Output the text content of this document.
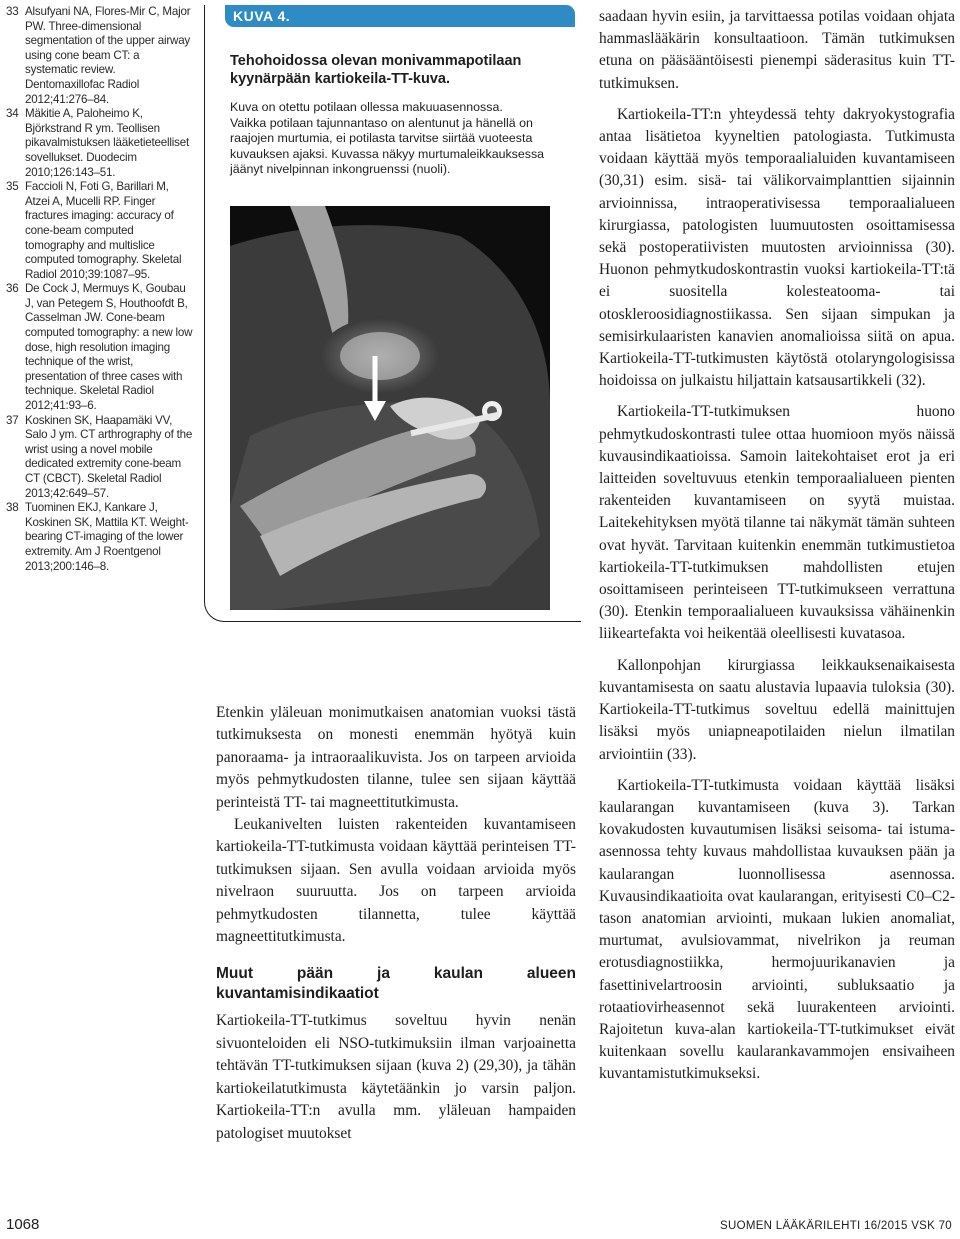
33 Alsufyani NA, Flores-Mir C, Major PW. Three-dimensional segmentation of the upper airway using cone beam CT: a systematic review. Dentomaxillofac Radiol 2012;41:276–84.
34 Mäkitie A, Paloheimo K, Björkstrand R ym. Teollisen pikavalmistuksen lääketieteelliset sovellukset. Duodecim 2010;126:143–51.
35 Faccioli N, Foti G, Barillari M, Atzei A, Mucelli RP. Finger fractures imaging: accuracy of cone-beam computed tomography and multislice computed tomography. Skeletal Radiol 2010;39:1087–95.
36 De Cock J, Mermuys K, Goubau J, van Petegem S, Houthoofdt B, Casselman JW. Cone-beam computed tomography: a new low dose, high resolution imaging technique of the wrist, presentation of three cases with technique. Skeletal Radiol 2012;41:93–6.
37 Koskinen SK, Haapamäki VV, Salo J ym. CT arthrography of the wrist using a novel mobile dedicated extremity cone-beam CT (CBCT). Skeletal Radiol 2013;42:649–57.
38 Tuominen EKJ, Kankare J, Koskinen SK, Mattila KT. Weight-bearing CT-imaging of the lower extremity. Am J Roentgenol 2013;200:146–8.
KUVA 4.
Tehohoidossa olevan monivammapotilaan kyynärpään kartiokeila-TT-kuva.

Kuva on otettu potilaan ollessa makuuasennossa.

Vaikka potilaan tajunnantaso on alentunut ja hänellä on raajojen murtumia, ei potilasta tarvitse siirtää vuoteesta kuvauksen ajaksi. Kuvassa näkyy murtumaleikkauksessa jäänyt nivelpinnan inkongruenssi (nuoli).

Etenkin yläleuan monimutkaisen anatomian vuoksi tästä tutkimuksesta on monesti enemmän hyötyä kuin panoraama- ja intraoraalikuvista. Jos on tarpeen arvioida myös pehmytkudosten tilanne, tulee sen sijaan käyttää perinteistä TT- tai magneettitutkimusta.

Leukanivelten luisten rakenteiden kuvantamiseen kartiokeila-TT-tutkimusta voidaan käyttää perinteisen TT-tutkimuksen sijaan. Sen avulla voidaan arvioida myös nivelraon suuruutta. Jos on tarpeen arvioida pehmytkudosten tilannetta, tulee käyttää magneettitutkimusta.

Muut pään ja kaulan alueen kuvantamisindikaatiot

Kartiokeila-TT-tutkimus soveltuu hyvin nenän sivuonteloiden eli NSO-tutkimuksiin ilman varjoainetta tehtävän TT-tutkimuksen sijaan (kuva 2) (29,30), ja tähän kartiokeilatutkimusta käytetäänkin jo varsin paljon. Kartiokeila-TT:n avulla mm. yläleuan hampaiden patologiset muutokset

saadaan hyvin esiin, ja tarvittaessa potilas voidaan ohjata hammaslääkärin konsultaatioon. Tämän tutkimuksen etuna on pääsääntöisesti pienempi säderasitus kuin TT-tutkimuksen.

Kartiokeila-TT:n yhteydessä tehty dakryokystografia antaa lisätietoa kyyneltien patologiasta. Tutkimusta voidaan käyttää myös temporaalialuiden kuvantamiseen (30,31) esim. sisä- tai välikorvaimplanttien sijainnin arvioinnissa, intraoperativisessa temporaalialueen kirurgiassa, patologisten luumuutosten osoittamisessa sekä postoperatiivisten muutosten arvioinnissa (30). Huonon pehmytkudoskontrastin vuoksi kartiokeila-TT:tä ei suositella kolesteatooma- tai otoskleroosidiagnostiikassa. Sen sijaan simpukan ja semisirkulaaristen kanavien anomalioissa siitä on apua. Kartiokeila-TT-tutkimusten käytöstä otolaryngologisissa hoidoissa on julkaistu hiljattain katsausartikkeli (32).

Kartiokeila-TT-tutkimuksen huono pehmytkudoskontrasti tulee ottaa huomioon myös näissä kuvausindikaatioissa. Samoin laitekohtaiset erot ja eri laitteiden soveltuvuus etenkin temporaalialueen pienten rakenteiden kuvantamiseen on syytä muistaa. Laitekehityksen myötä tilanne tai näkymät tämän suhteen ovat hyvät. Tarvitaan kuitenkin enemmän tutkimustietoa kartiokeila-TT-tutkimuksen mahdollisten etujen osoittamiseen perinteiseen TT-tutkimukseen verrattuna (30). Etenkin temporaalialueen kuvauksissa vähäinenkin liikeartefakta voi heikentää oleellisesti kuvatasoa.

Kallonpohjan kirurgiassa leikkauksenaikaisesta kuvantamisesta on saatu alustavia lupaavia tuloksia (30). Kartiokeila-TT-tutkimus soveltuu edellä mainittujen lisäksi myös uniapneapotilaiden nielun ilmatilan arviointiin (33).

Kartiokeila-TT-tutkimusta voidaan käyttää lisäksi kaularangan kuvantamiseen (kuva 3). Tarkan kovakudosten kuvautumisen lisäksi seisoma- tai istuma-asennossa tehty kuvaus mahdollistaa kuvauksen pään ja kaularangan luonnollisessa asennossa. Kuvausindikaatioita ovat kaularangan, erityisesti C0–C2-tason anatomian arviointi, mukaan lukien anomaliat, murtumat, avulsiovammat, nivelrikon ja reuman erotusdiagnostiikka, hermojuurikanavien ja fasettinivelartroosin arviointi, subluksaatio ja rotaatiovirheasennot sekä luurakenteen arviointi. Rajoitetun kuva-alan kartiokeila-TT-tutkimukset eivät kuitenkaan sovellu kaularankavammojen ensivaiheen kuvantamistutkimukseksi.

1068	SUOMEN LÄÄKÄRILEHTI 16/2015 VSK 70
